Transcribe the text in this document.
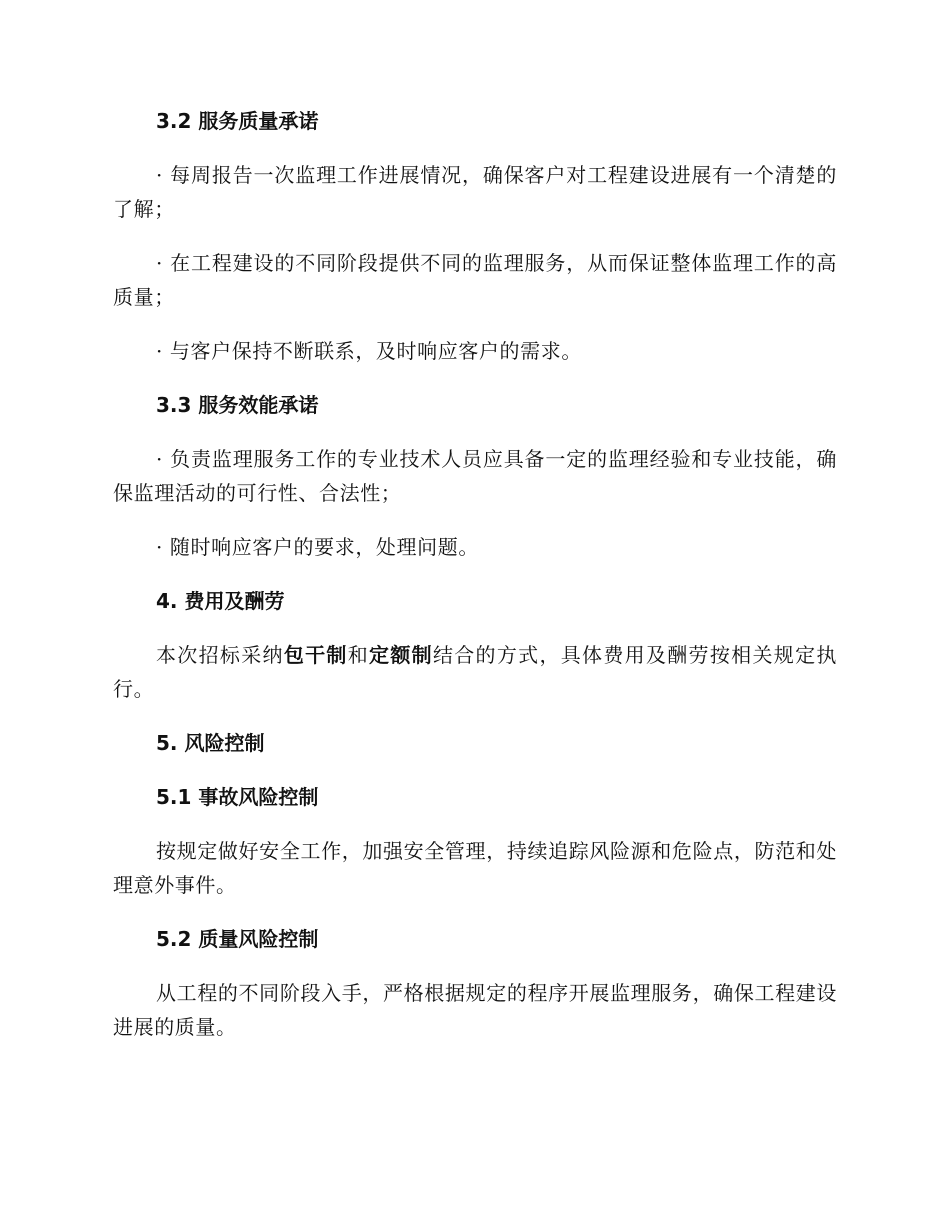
3.2 服务质量承诺

· 每周报告一次监理工作进展情况，确保客户对工程建设进展有一个清楚的了解；

· 在工程建设的不同阶段提供不同的监理服务，从而保证整体监理工作的高质量；

· 与客户保持不断联系，及时响应客户的需求。

3.3 服务效能承诺

· 负责监理服务工作的专业技术人员应具备一定的监理经验和专业技能，确保监理活动的可行性、合法性；

· 随时响应客户的要求，处理问题。

4. 费用及酬劳

本次招标采纳包干制和定额制结合的方式，具体费用及酬劳按相关规定执行。

5. 风险控制
5.1 事故风险控制

按规定做好安全工作，加强安全管理，持续追踪风险源和危险点，防范和处理意外事件。

5.2 质量风险控制

从工程的不同阶段入手，严格根据规定的程序开展监理服务，确保工程建设进展的质量。
